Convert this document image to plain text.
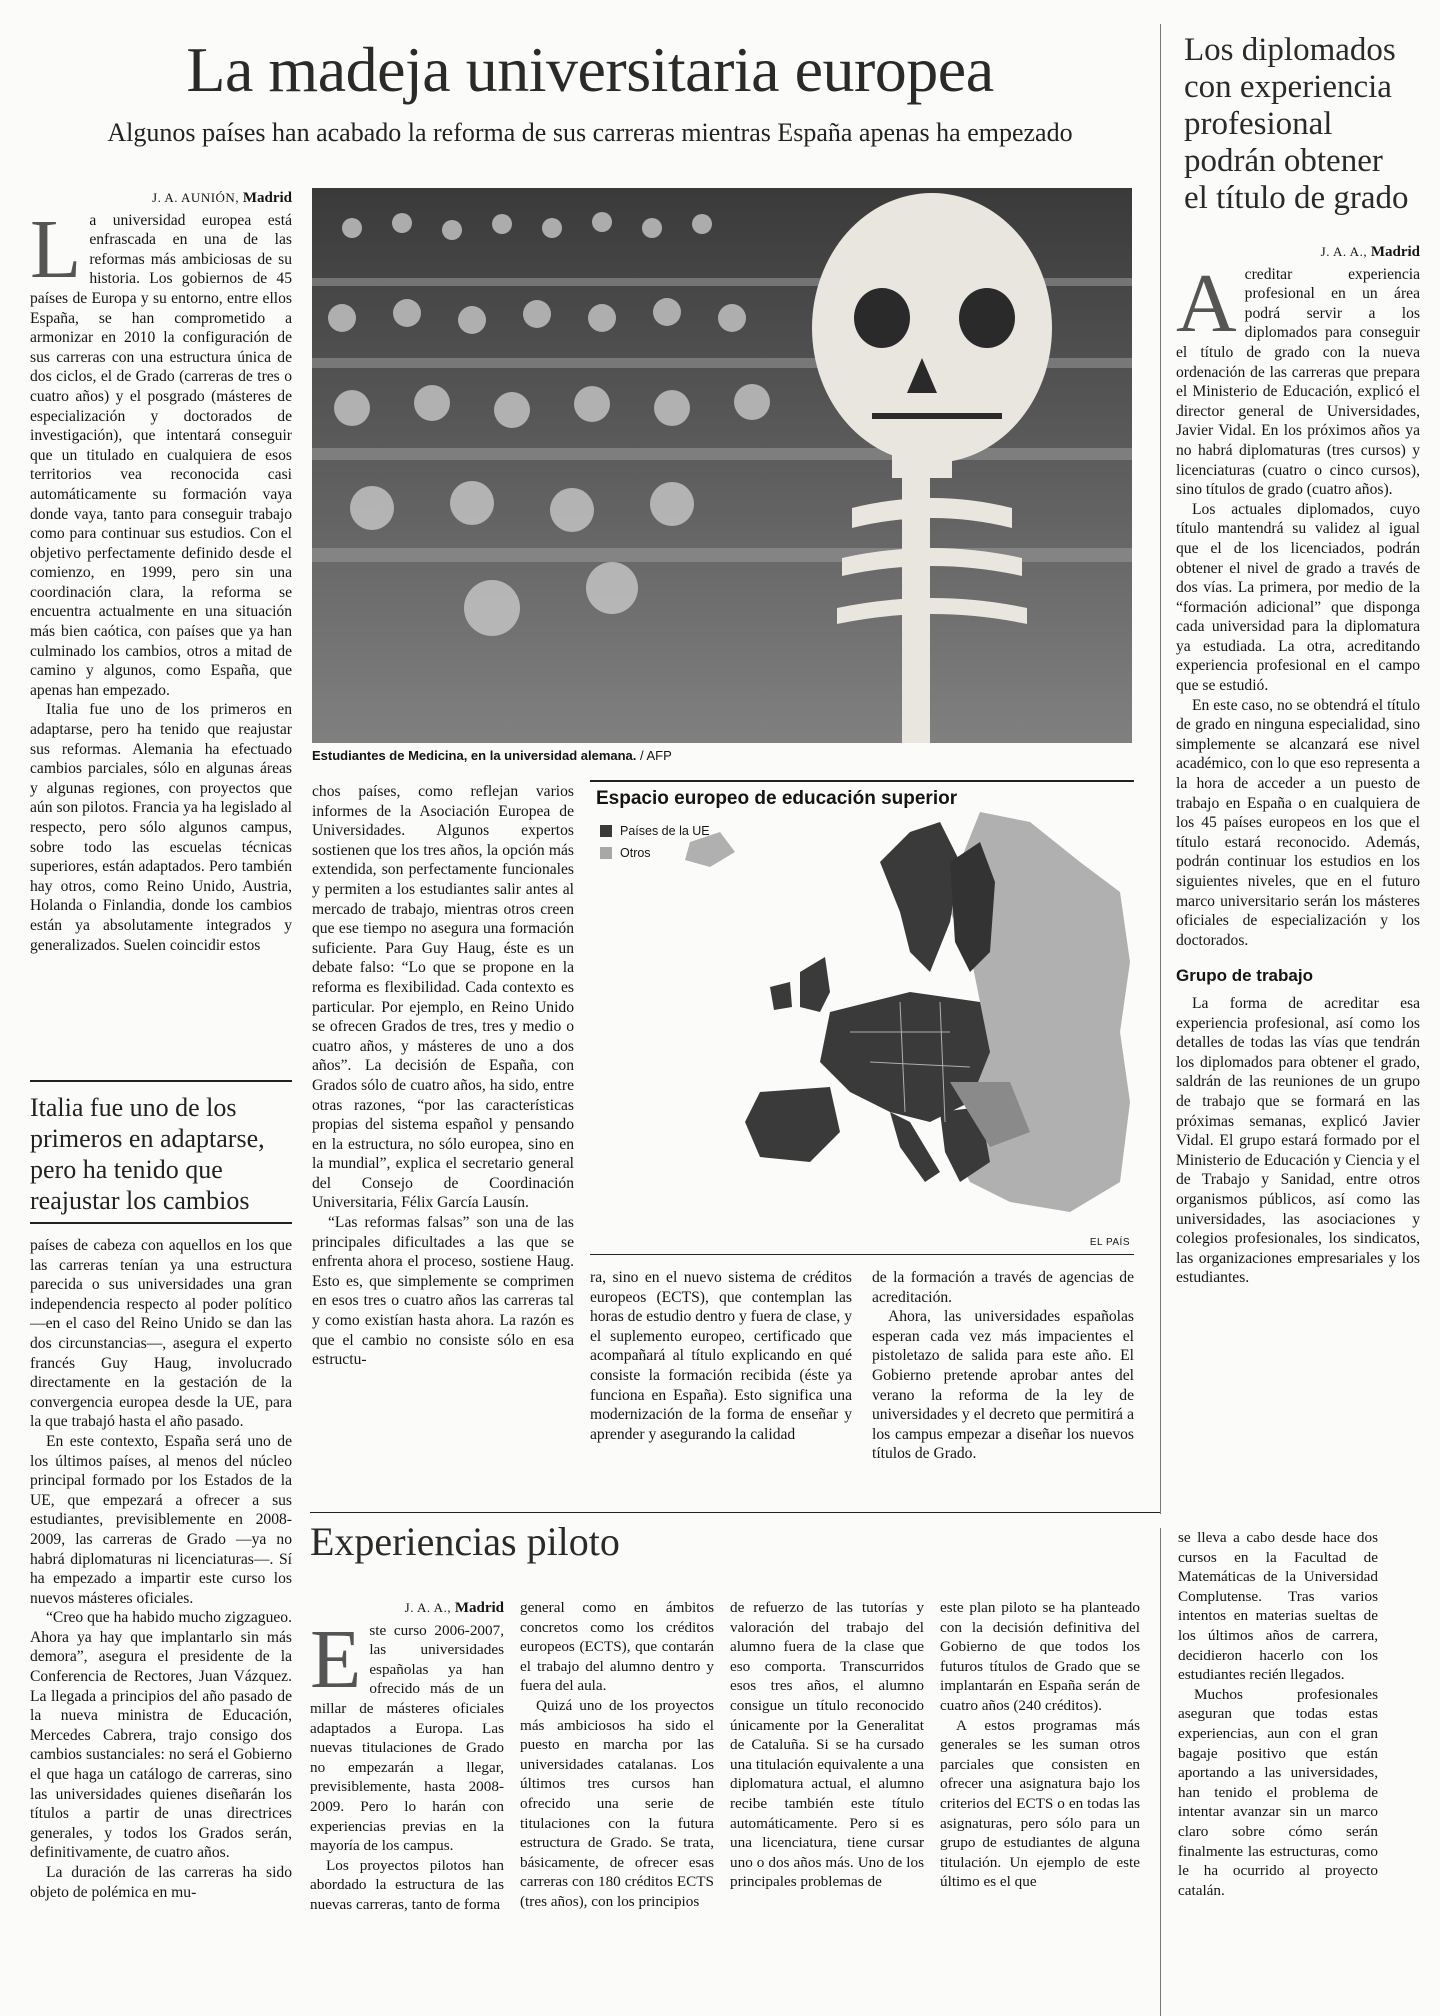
La madeja universitaria europea
Algunos países han acabado la reforma de sus carreras mientras España apenas ha empezado
Los diplomados con experiencia profesional podrán obtener el título de grado
J. A. AUNIÓN, Madrid
L a universidad europea está enfrascada en una de las reformas más ambiciosas de su historia. Los gobiernos de 45 países de Europa y su entorno, entre ellos España, se han comprometido a armonizar en 2010 la configuración de sus carreras con una estructura única de dos ciclos, el de Grado (carreras de tres o cuatro años) y el posgrado (másteres de especialización y doctorados de investigación), que intentará conseguir que un titulado en cualquiera de esos territorios vea reconocida casi automáticamente su formación vaya donde vaya, tanto para conseguir trabajo como para continuar sus estudios. Con el objetivo perfectamente definido desde el comienzo, en 1999, pero sin una coordinación clara, la reforma se encuentra actualmente en una situación más bien caótica, con países que ya han culminado los cambios, otros a mitad de camino y algunos, como España, que apenas han empezado.

Italia fue uno de los primeros en adaptarse, pero ha tenido que reajustar sus reformas. Alemania ha efectuado cambios parciales, sólo en algunas áreas y algunas regiones, con proyectos que aún son pilotos. Francia ya ha legislado al respecto, pero sólo algunos campus, sobre todo las escuelas técnicas superiores, están adaptados. Pero también hay otros, como Reino Unido, Austria, Holanda o Finlandia, donde los cambios están ya absolutamente integrados y generalizados. Suelen coincidir estos

Italia fue uno de los primeros en adaptarse, pero ha tenido que reajustar los cambios

países de cabeza con aquellos en los que las carreras tenían ya una estructura parecida o sus universidades una gran independencia respecto al poder político —en el caso del Reino Unido se dan las dos circunstancias—, asegura el experto francés Guy Haug, involucrado directamente en la gestación de la convergencia europea desde la UE, para la que trabajó hasta el año pasado.

En este contexto, España será uno de los últimos países, al menos del núcleo principal formado por los Estados de la UE, que empezará a ofrecer a sus estudiantes, previsiblemente en 2008-2009, las carreras de Grado —ya no habrá diplomaturas ni licenciaturas—. Sí ha empezado a impartir este curso los nuevos másteres oficiales.

“Creo que ha habido mucho zigzagueo. Ahora ya hay que implantarlo sin más demora”, asegura el presidente de la Conferencia de Rectores, Juan Vázquez. La llegada a principios del año pasado de la nueva ministra de Educación, Mercedes Cabrera, trajo consigo dos cambios sustanciales: no será el Gobierno el que haga un catálogo de carreras, sino las universidades quienes diseñarán los títulos a partir de unas directrices generales, y todos los Grados serán, definitivamente, de cuatro años.

La duración de las carreras ha sido objeto de polémica en mu-

Estudiantes de Medicina, en la universidad alemana. / AFP

chos países, como reflejan varios informes de la Asociación Europea de Universidades. Algunos expertos sostienen que los tres años, la opción más extendida, son perfectamente funcionales y permiten a los estudiantes salir antes al mercado de trabajo, mientras otros creen que ese tiempo no asegura una formación suficiente. Para Guy Haug, éste es un debate falso: “Lo que se propone en la reforma es flexibilidad. Cada contexto es particular. Por ejemplo, en Reino Unido se ofrecen Grados de tres, tres y medio o cuatro años, y másteres de uno a dos años”. La decisión de España, con Grados sólo de cuatro años, ha sido, entre otras razones, “por las características propias del sistema español y pensando en la estructura, no sólo europea, sino en la mundial”, explica el secretario general del Consejo de Coordinación Universitaria, Félix García Lausín.

“Las reformas falsas” son una de las principales dificultades a las que se enfrenta ahora el proceso, sostiene Haug. Esto es, que simplemente se comprimen en esos tres o cuatro años las carreras tal y como existían hasta ahora. La razón es que el cambio no consiste sólo en esa estructu-

Espacio europeo de educación superior
Países de la UE
Otros
EL PAÍS

ra, sino en el nuevo sistema de créditos europeos (ECTS), que contemplan las horas de estudio dentro y fuera de clase, y el suplemento europeo, certificado que acompañará al título explicando en qué consiste la formación recibida (éste ya funciona en España). Esto significa una modernización de la forma de enseñar y aprender y asegurando la calidad

de la formación a través de agencias de acreditación.

Ahora, las universidades españolas esperan cada vez más impacientes el pistoletazo de salida para este año. El Gobierno pretende aprobar antes del verano la reforma de la ley de universidades y el decreto que permitirá a los campus empezar a diseñar los nuevos títulos de Grado.

J. A. A., Madrid
A creditar experiencia profesional en un área podrá servir a los diplomados para conseguir el título de grado con la nueva ordenación de las carreras que prepara el Ministerio de Educación, explicó el director general de Universidades, Javier Vidal. En los próximos años ya no habrá diplomaturas (tres cursos) y licenciaturas (cuatro o cinco cursos), sino títulos de grado (cuatro años).

Los actuales diplomados, cuyo título mantendrá su validez al igual que el de los licenciados, podrán obtener el nivel de grado a través de dos vías. La primera, por medio de la “formación adicional” que disponga cada universidad para la diplomatura ya estudiada. La otra, acreditando experiencia profesional en el campo que se estudió.

En este caso, no se obtendrá el título de grado en ninguna especialidad, sino simplemente se alcanzará ese nivel académico, con lo que eso representa a la hora de acceder a un puesto de trabajo en España o en cualquiera de los 45 países europeos en los que el título estará reconocido. Además, podrán continuar los estudios en los siguientes niveles, que en el futuro marco universitario serán los másteres oficiales de especialización y los doctorados.

Grupo de trabajo

La forma de acreditar esa experiencia profesional, así como los detalles de todas las vías que tendrán los diplomados para obtener el grado, saldrán de las reuniones de un grupo de trabajo que se formará en las próximas semanas, explicó Javier Vidal. El grupo estará formado por el Ministerio de Educación y Ciencia y el de Trabajo y Sanidad, entre otros organismos públicos, así como las universidades, las asociaciones y colegios profesionales, los sindicatos, las organizaciones empresariales y los estudiantes.

Experiencias piloto
J. A. A., Madrid
E ste curso 2006-2007, las universidades españolas ya han ofrecido más de un millar de másteres oficiales adaptados a Europa. Las nuevas titulaciones de Grado no empezarán a llegar, previsiblemente, hasta 2008-2009. Pero lo harán con experiencias previas en la mayoría de los campus.

Los proyectos pilotos han abordado la estructura de las nuevas carreras, tanto de forma

general como en ámbitos concretos como los créditos europeos (ECTS), que contarán el trabajo del alumno dentro y fuera del aula.

Quizá uno de los proyectos más ambiciosos ha sido el puesto en marcha por las universidades catalanas. Los últimos tres cursos han ofrecido una serie de titulaciones con la futura estructura de Grado. Se trata, básicamente, de ofrecer esas carreras con 180 créditos ECTS (tres años), con los principios

de refuerzo de las tutorías y valoración del trabajo del alumno fuera de la clase que eso comporta. Transcurridos esos tres años, el alumno consigue un título reconocido únicamente por la Generalitat de Cataluña. Si se ha cursado una titulación equivalente a una diplomatura actual, el alumno recibe también este título automáticamente. Pero si es una licenciatura, tiene cursar uno o dos años más. Uno de los principales problemas de

este plan piloto se ha planteado con la decisión definitiva del Gobierno de que todos los futuros títulos de Grado que se implantarán en España serán de cuatro años (240 créditos).

A estos programas más generales se les suman otros parciales que consisten en ofrecer una asignatura bajo los criterios del ECTS o en todas las asignaturas, pero sólo para un grupo de estudiantes de alguna titulación. Un ejemplo de este último es el que

se lleva a cabo desde hace dos cursos en la Facultad de Matemáticas de la Universidad Complutense. Tras varios intentos en materias sueltas de los últimos años de carrera, decidieron hacerlo con los estudiantes recién llegados.

Muchos profesionales aseguran que todas estas experiencias, aun con el gran bagaje positivo que están aportando a las universidades, han tenido el problema de intentar avanzar sin un marco claro sobre cómo serán finalmente las estructuras, como le ha ocurrido al proyecto catalán.
